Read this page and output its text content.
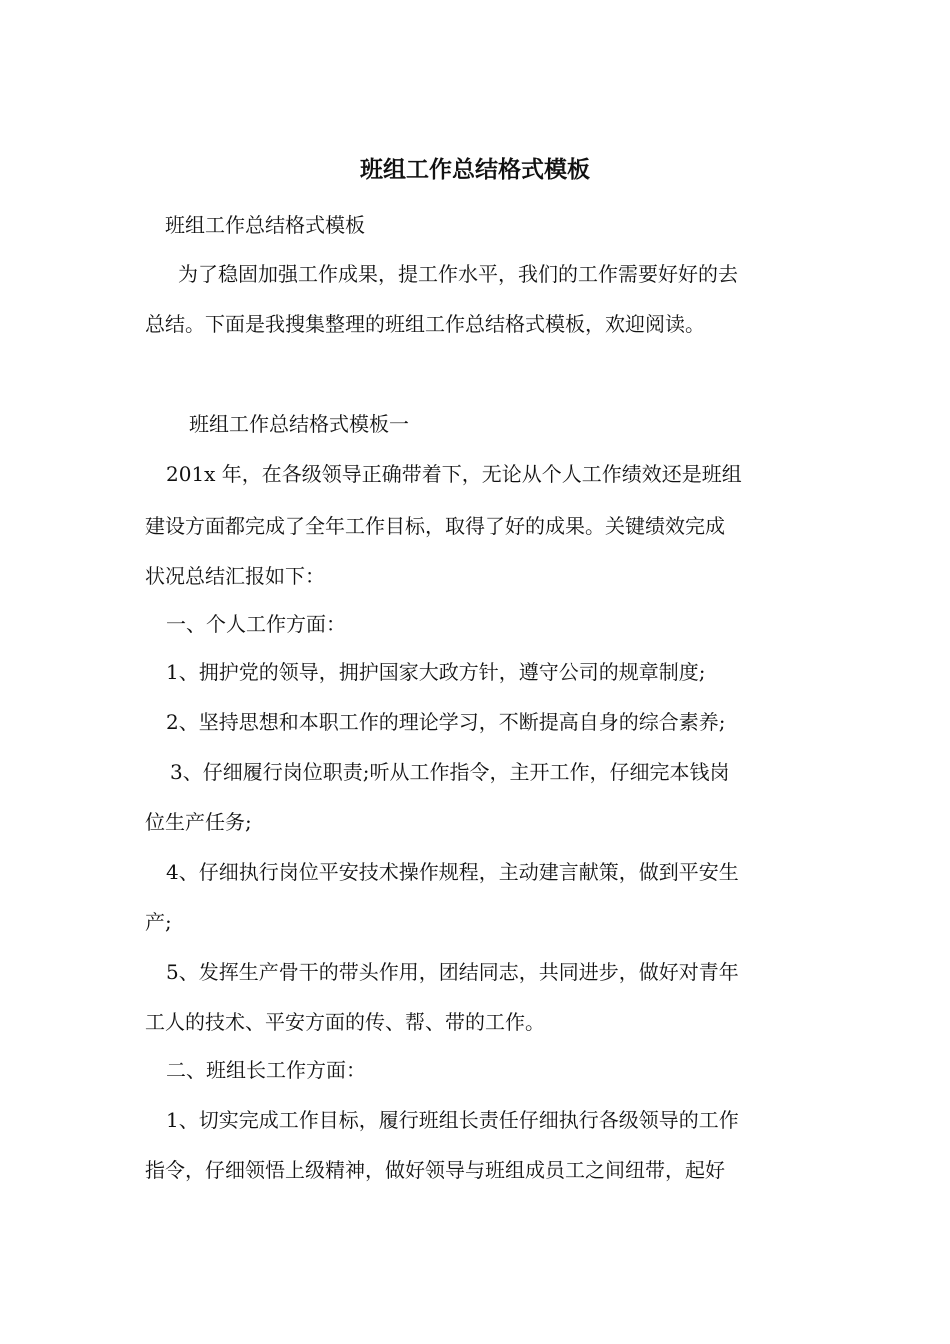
班组工作总结格式模板
班组工作总结格式模板
为了稳固加强工作成果，提工作水平，我们的工作需要好好的去
总结。下面是我搜集整理的班组工作总结格式模板，欢迎阅读。
班组工作总结格式模板一
201x 年，在各级领导正确带着下，无论从个人工作绩效还是班组
建设方面都完成了全年工作目标，取得了好的成果。关键绩效完成
状况总结汇报如下：
一、个人工作方面：
1、拥护党的领导，拥护国家大政方针，遵守公司的规章制度;
2、坚持思想和本职工作的理论学习，不断提高自身的综合素养;
3、仔细履行岗位职责;听从工作指令，主开工作，仔细完本钱岗
位生产任务;
4、仔细执行岗位平安技术操作规程，主动建言献策，做到平安生
产;
5、发挥生产骨干的带头作用，团结同志，共同进步，做好对青年
工人的技术、平安方面的传、帮、带的工作。
二、班组长工作方面：
1、切实完成工作目标，履行班组长责任仔细执行各级领导的工作
指令，仔细领悟上级精神，做好领导与班组成员工之间纽带，起好
